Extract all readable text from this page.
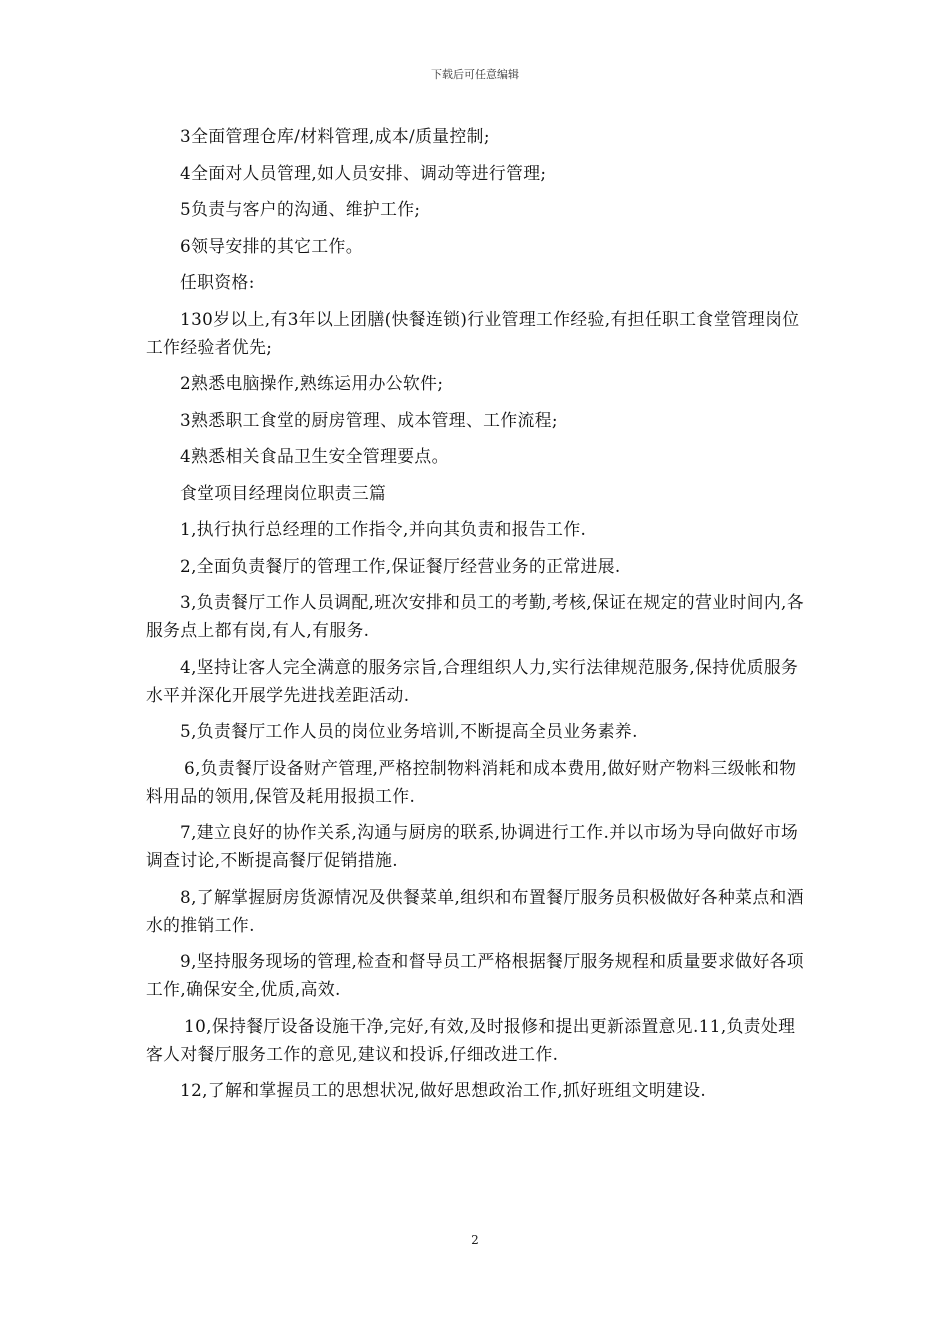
下载后可任意编辑

3全面管理仓库/材料管理,成本/质量控制;

4全面对人员管理,如人员安排、调动等进行管理;

5负责与客户的沟通、维护工作;

6领导安排的其它工作。

任职资格:

130岁以上,有3年以上团膳(快餐连锁)行业管理工作经验,有担任职工食堂管理岗位工作经验者优先;

2熟悉电脑操作,熟练运用办公软件;

3熟悉职工食堂的厨房管理、成本管理、工作流程;

4熟悉相关食品卫生安全管理要点。

食堂项目经理岗位职责三篇

1,执行执行总经理的工作指令,并向其负责和报告工作.

2,全面负责餐厅的管理工作,保证餐厅经营业务的正常进展.

3,负责餐厅工作人员调配,班次安排和员工的考勤,考核,保证在规定的营业时间内,各服务点上都有岗,有人,有服务.

4,坚持让客人完全满意的服务宗旨,合理组织人力,实行法律规范服务,保持优质服务水平并深化开展学先进找差距活动.

5,负责餐厅工作人员的岗位业务培训,不断提高全员业务素养.

6,负责餐厅设备财产管理,严格控制物料消耗和成本费用,做好财产物料三级帐和物料用品的领用,保管及耗用报损工作.

7,建立良好的协作关系,沟通与厨房的联系,协调进行工作.并以市场为导向做好市场调查讨论,不断提高餐厅促销措施.

8,了解掌握厨房货源情况及供餐菜单,组织和布置餐厅服务员积极做好各种菜点和酒水的推销工作.

9,坚持服务现场的管理,检查和督导员工严格根据餐厅服务规程和质量要求做好各项工作,确保安全,优质,高效.

10,保持餐厅设备设施干净,完好,有效,及时报修和提出更新添置意见.11,负责处理客人对餐厅服务工作的意见,建议和投诉,仔细改进工作.

12,了解和掌握员工的思想状况,做好思想政治工作,抓好班组文明建设.

2
